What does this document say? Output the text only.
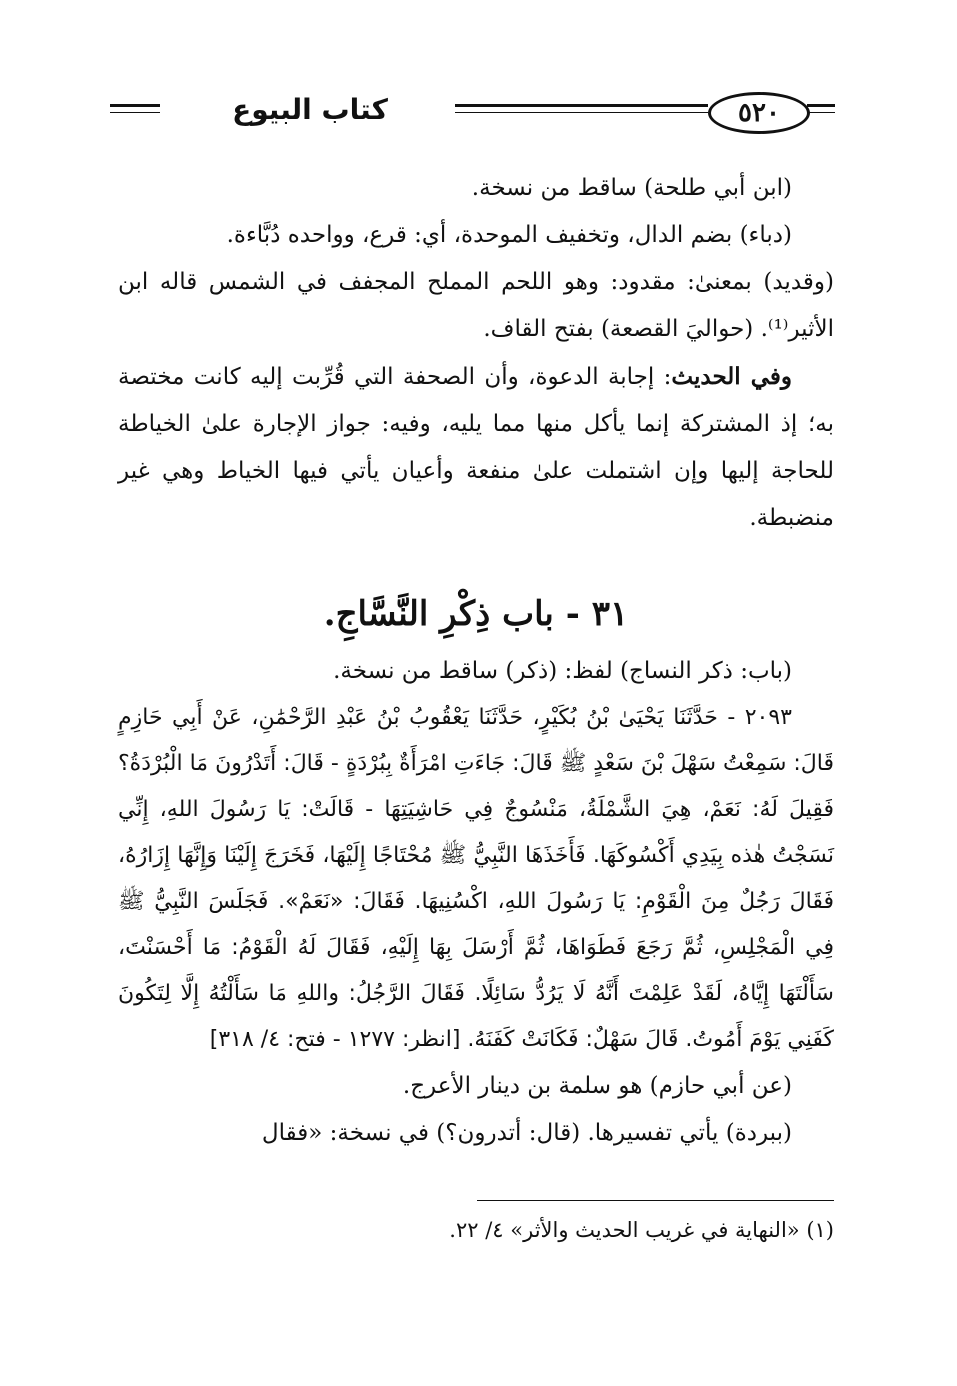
كتاب البيوع	٥٢٠

(ابن أبي طلحة) ساقط من نسخة.

(دباء) بضم الدال، وتخفيف الموحدة، أي: قرع، وواحده دُبَّاءة.

(وقديد) بمعنىٰ: مقدود: وهو اللحم المملح المجفف في الشمس قاله ابن الأثير⁽¹⁾. (حواليَ القصعة) بفتح القاف.

وفي الحديث: إجابة الدعوة، وأن الصحفة التي قُرِّبت إليه كانت مختصة به؛ إذ المشتركة إنما يأكل منها مما يليه، وفيه: جواز الإجارة علىٰ الخياطة للحاجة إليها وإن اشتملت علىٰ منفعة وأعيان يأتي فيها الخياط وهي غير منضبطة.

٣١ - باب ذِكْرِ النَّسَّاجِ.

(باب: ذكر النساج) لفظ: (ذكر) ساقط من نسخة.

٢٠٩٣ - حَدَّثَنَا يَحْيَىٰ بْنُ بُكَيْرٍ، حَدَّثَنَا يَعْقُوبُ بْنُ عَبْدِ الرَّحْمَٰنِ، عَنْ أَبِي حَازِمٍ قَالَ: سَمِعْتُ سَهْلَ بْنَ سَعْدٍ ﷺ قَالَ: جَاءَتِ امْرَأَةٌ بِبُرْدَةٍ - قَالَ: أَتَدْرُونَ مَا الْبُرْدَةُ؟ فَقِيلَ لَهُ: نَعَمْ، هِيَ الشَّمْلَةُ، مَنْسُوجٌ فِي حَاشِيَتِهَا - قَالَتْ: يَا رَسُولَ اللهِ، إِنِّي نَسَجْتُ هٰذه بِيَدِي أَكْسُوكَهَا. فَأَخَذَهَا النَّبِيُّ ﷺ مُحْتَاجًا إِلَيْهَا، فَخَرَجَ إِلَيْنَا وَإِنَّهَا إِزَارُهُ، فَقَالَ رَجُلٌ مِنَ الْقَوْمِ: يَا رَسُولَ اللهِ، اكْسُنِيهَا. فَقَالَ: «نَعَمْ». فَجَلَسَ النَّبِيُّ ﷺ فِي الْمَجْلِسِ، ثُمَّ رَجَعَ فَطَوَاهَا، ثُمَّ أَرْسَلَ بِهَا إِلَيْهِ، فَقَالَ لَهُ الْقَوْمُ: مَا أَحْسَنْتَ، سَأَلْتَهَا إِيَّاهُ، لَقَدْ عَلِمْتَ أَنَّهُ لَا يَرُدُّ سَائِلًا. فَقَالَ الرَّجُلُ: واللهِ مَا سَأَلْتُهُ إِلَّا لِتَكُونَ كَفَنِي يَوْمَ أَمُوتُ. قَالَ سَهْلٌ: فَكَانَتْ كَفَنَهُ. [انظر: ١٢٧٧ - فتح: ٤/ ٣١٨]

(عن أبي حازم) هو سلمة بن دينار الأعرج.

(ببردة) يأتي تفسيرها. (قال: أتدرون؟) في نسخة: «فقال

(١) «النهاية في غريب الحديث والأثر» ٤/ ٢٢.
